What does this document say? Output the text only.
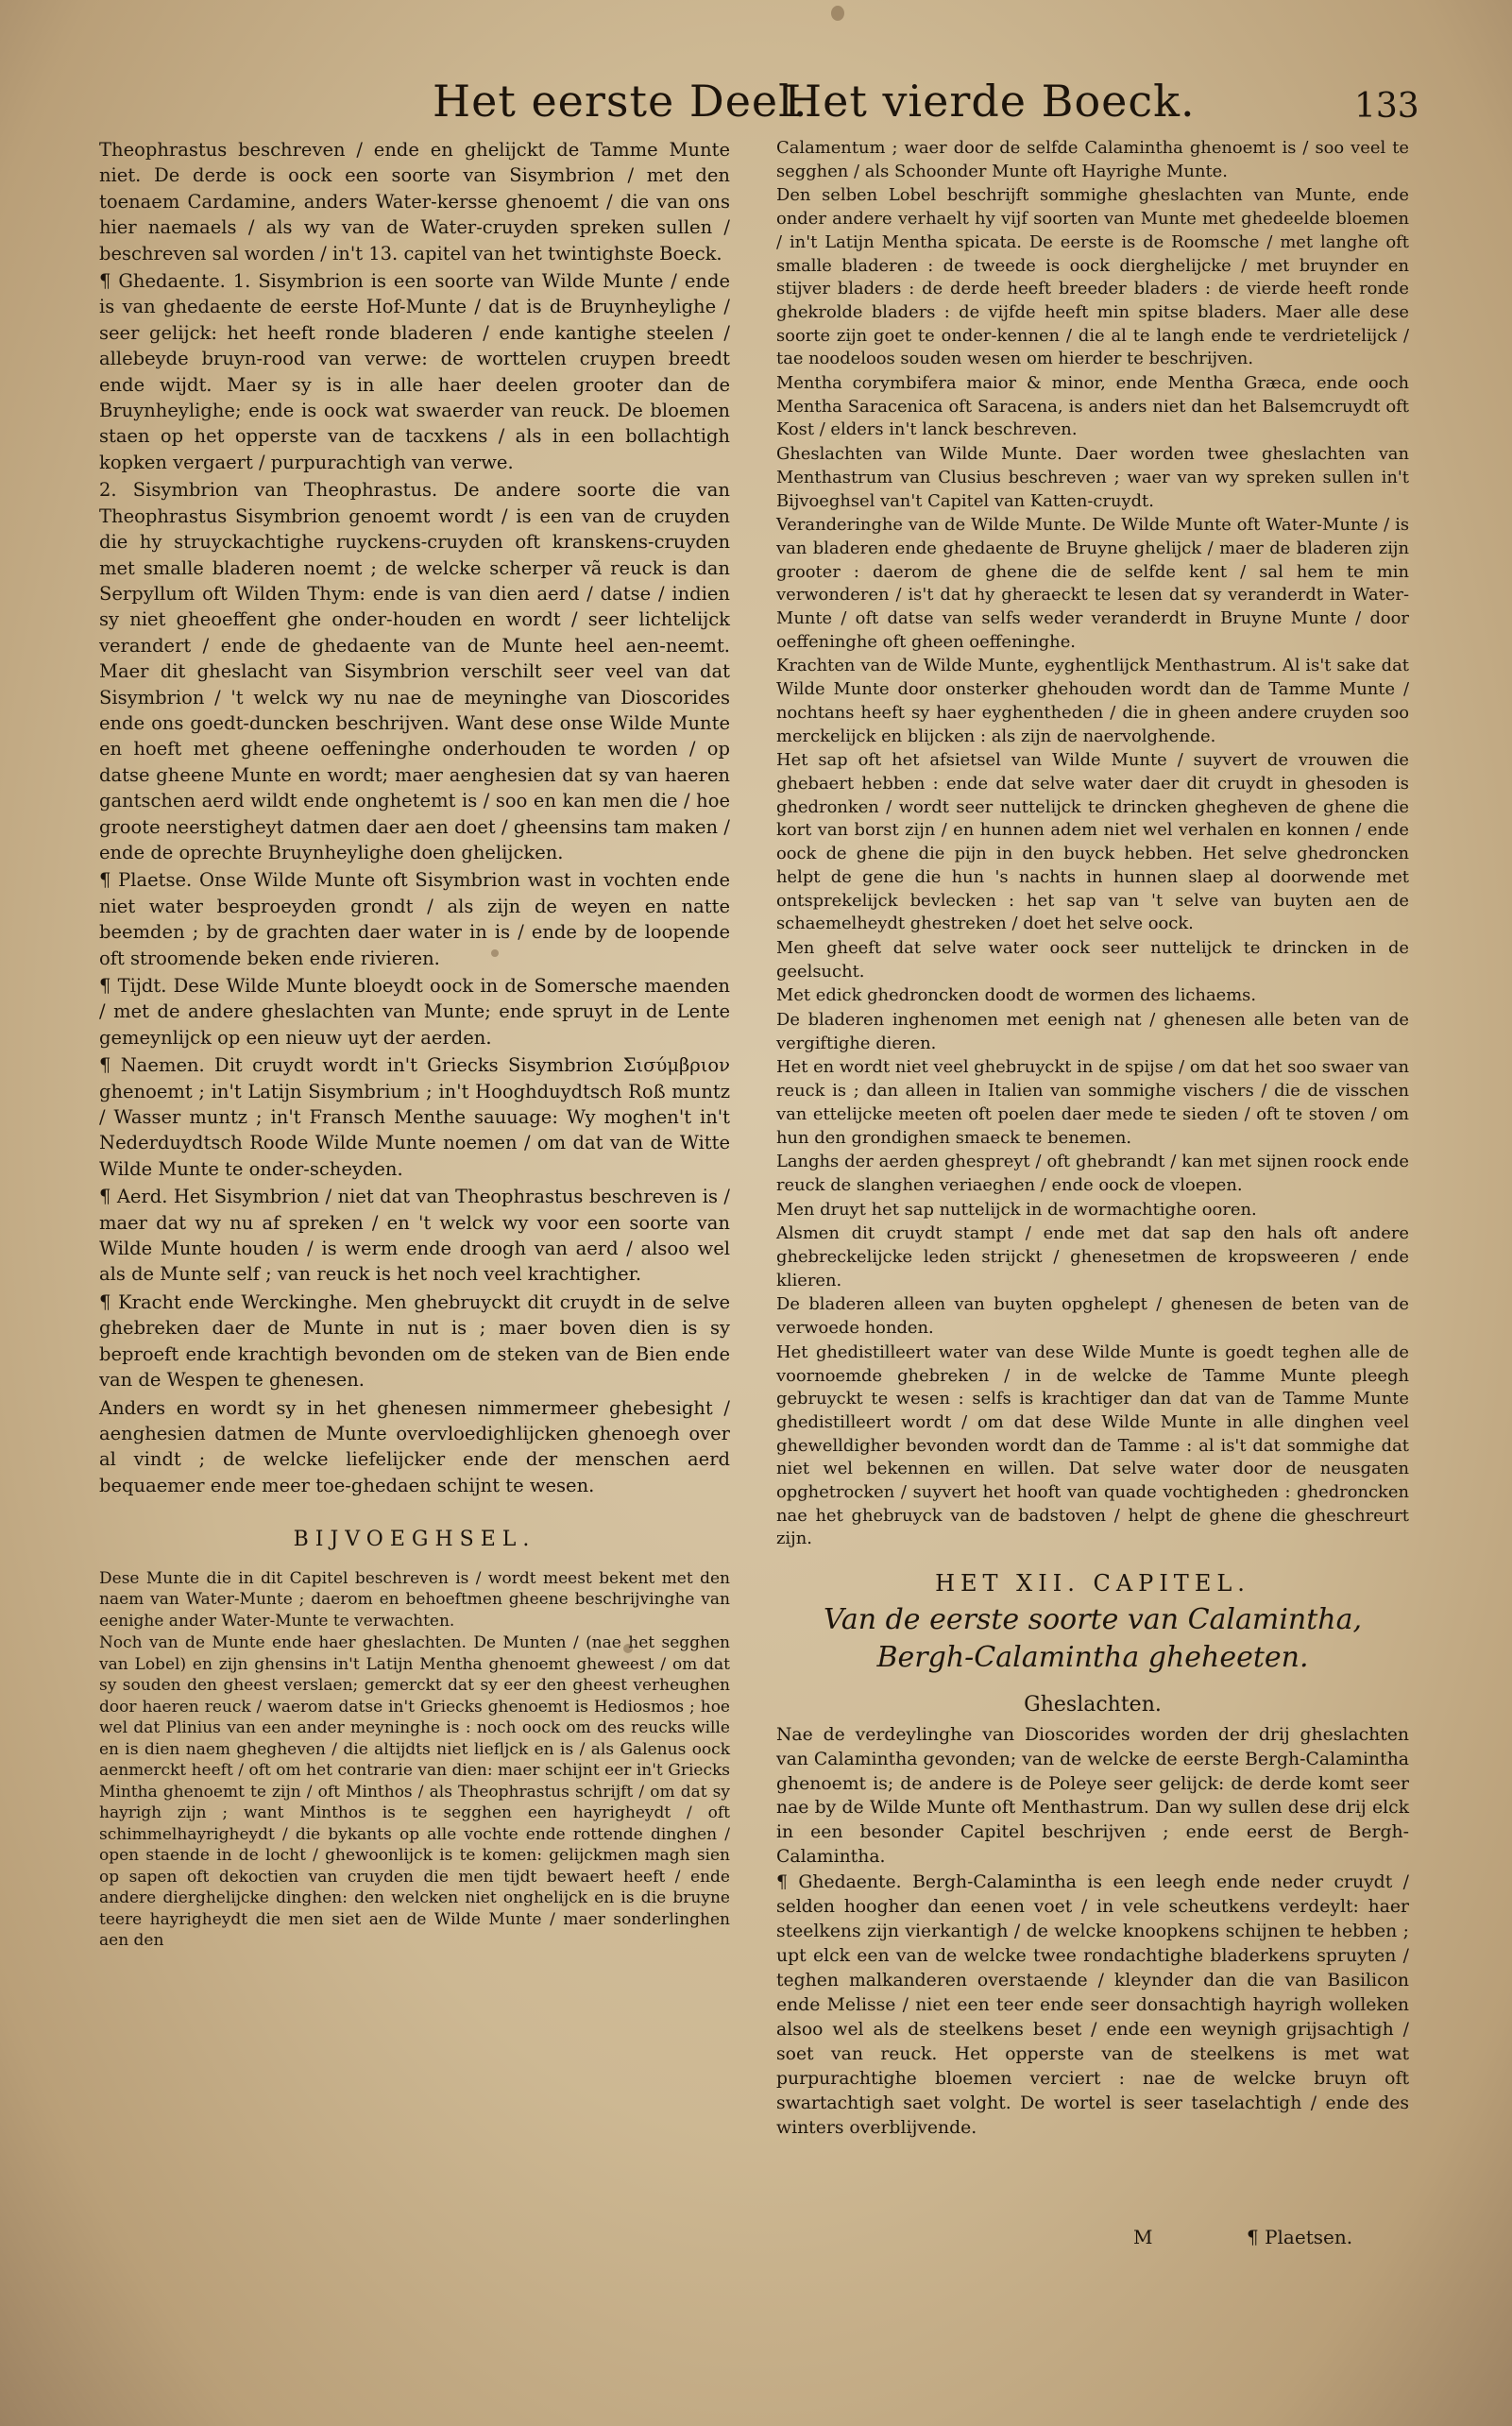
Het eerste Deel.
Het vierde Boeck.	133

Theophrastus beschreven / ende en ghelijckt de Tamme Munte niet. De derde is oock een soorte van Sisymbrion / met den toenaem Cardamine, anders Water-kersse ghenoemt / die van ons hier naemaels / als wy van de Water-cruyden spreken sullen / beschreven sal worden / in't 13. capitel van het twintighste Boeck.

¶ Ghedaente. 1. Sisymbrion is een soorte van Wilde Munte / ende is van ghedaente de eerste Hof-Munte / dat is de Bruynheylighe / seer gelijck: het heeft ronde bladeren / ende kantighe steelen / allebeyde bruyn-rood van verwe: de worttelen cruypen breedt ende wijdt. Maer sy is in alle haer deelen grooter dan de Bruynheylighe; ende is oock wat swaerder van reuck. De bloemen staen op het opperste van de tacxkens / als in een bollachtigh kopken vergaert / purpurachtigh van verwe.

2. Sisymbrion van Theophrastus. De andere soorte die van Theophrastus Sisymbrion genoemt wordt / is een van de cruyden die hy struyckachtighe ruyckens-cruyden oft kranskens-cruyden met smalle bladeren noemt ; de welcke scherper vã reuck is dan Serpyllum oft Wilden Thym: ende is van dien aerd / datse / indien sy niet gheoeffent ghe onder-houden en wordt / seer lichtelijck verandert / ende de ghedaente van de Munte heel aen-neemt. Maer dit gheslacht van Sisymbrion verschilt seer veel van dat Sisymbrion / 't welck wy nu nae de meyninghe van Dioscorides ende ons goedt-duncken beschrijven. Want dese onse Wilde Munte en hoeft met gheene oeffeninghe onderhouden te worden / op datse gheene Munte en wordt; maer aenghesien dat sy van haeren gantschen aerd wildt ende onghetemt is / soo en kan men die / hoe groote neerstigheyt datmen daer aen doet / gheensins tam maken / ende de oprechte Bruynheylighe doen ghelijcken.

¶ Plaetse. Onse Wilde Munte oft Sisymbrion wast in vochten ende niet water besproeyden grondt / als zijn de weyen en natte beemden ; by de grachten daer water in is / ende by de loopende oft stroomende beken ende rivieren.

¶ Tijdt. Dese Wilde Munte bloeydt oock in de Somersche maenden / met de andere gheslachten van Munte; ende spruyt in de Lente gemeynlijck op een nieuw uyt der aerden.

¶ Naemen. Dit cruydt wordt in't Griecks Sisymbrion Σισύμβριον ghenoemt ; in't Latijn Sisymbrium ; in't Hooghduydtsch Roß muntz / Wasser muntz ; in't Fransch Menthe sauuage: Wy moghen't in't Nederduydtsch Roode Wilde Munte noemen / om dat van de Witte Wilde Munte te onder-scheyden.

¶ Aerd. Het Sisymbrion / niet dat van Theophrastus beschreven is / maer dat wy nu af spreken / en 't welck wy voor een soorte van Wilde Munte houden / is werm ende droogh van aerd / alsoo wel als de Munte self ; van reuck is het noch veel krachtigher.

¶ Kracht ende Werckinghe. Men ghebruyckt dit cruydt in de selve ghebreken daer de Munte in nut is ; maer boven dien is sy beproeft ende krachtigh bevonden om de steken van de Bien ende van de Wespen te ghenesen.

Anders en wordt sy in het ghenesen nimmermeer ghebesight / aenghesien datmen de Munte overvloedighlijcken ghenoegh over al vindt ; de welcke liefelijcker ende der menschen aerd bequaemer ende meer toe-ghedaen schijnt te wesen.

BIJVOEGHSEL.

Dese Munte die in dit Capitel beschreven is / wordt meest bekent met den naem van Water-Munte ; daerom en behoeftmen gheene beschrijvinghe van eenighe ander Water-Munte te verwachten.

Noch van de Munte ende haer gheslachten. De Munten / (nae het segghen van Lobel) en zijn ghensins in't Latijn Mentha ghenoemt gheweest / om dat sy souden den gheest verslaen; gemerckt dat sy eer den gheest verheughen door haeren reuck / waerom datse in't Griecks ghenoemt is Hediosmos ; hoe wel dat Plinius van een ander meyninghe is : noch oock om des reucks wille en is dien naem ghegheven / die altijdts niet liefljck en is / als Galenus oock aenmerckt heeft / oft om het contrarie van dien: maer schijnt eer in't Griecks Mintha ghenoemt te zijn / oft Minthos / als Theophrastus schrijft / om dat sy hayrigh zijn ; want Minthos is te segghen een hayrigheydt / oft schimmelhayrigheydt / die bykants op alle vochte ende rottende dinghen / open staende in de locht / ghewoonlijck is te komen: gelijckmen magh sien op sapen oft dekoctien van cruyden die men tijdt bewaert heeft / ende andere dierghelijcke dinghen: den welcken niet onghelijck en is die bruyne teere hayrigheydt die men siet aen de Wilde Munte / maer sonderlinghen aen den

Calamentum ; waer door de selfde Calamintha ghenoemt is / soo veel te segghen / als Schoonder Munte oft Hayrighe Munte.

Den selben Lobel beschrijft sommighe gheslachten van Munte, ende onder andere verhaelt hy vijf soorten van Munte met ghedeelde bloemen / in't Latijn Mentha spicata. De eerste is de Roomsche / met langhe oft smalle bladeren : de tweede is oock dierghelijcke / met bruynder en stijver bladers : de derde heeft breeder bladers : de vierde heeft ronde ghekrolde bladers : de vijfde heeft min spitse bladers. Maer alle dese soorte zijn goet te onder-kennen / die al te langh ende te verdrietelijck / tae noodeloos souden wesen om hierder te beschrijven.

Mentha corymbifera maior & minor, ende Mentha Græca, ende ooch Mentha Saracenica oft Saracena, is anders niet dan het Balsemcruydt oft Kost / elders in't lanck beschreven.

Gheslachten van Wilde Munte. Daer worden twee gheslachten van Menthastrum van Clusius beschreven ; waer van wy spreken sullen in't Bijvoeghsel van't Capitel van Katten-cruydt.

Veranderinghe van de Wilde Munte. De Wilde Munte oft Water-Munte / is van bladeren ende ghedaente de Bruyne ghelijck / maer de bladeren zijn grooter : daerom de ghene die de selfde kent / sal hem te min verwonderen / is't dat hy gheraeckt te lesen dat sy veranderdt in Water-Munte / oft datse van selfs weder veranderdt in Bruyne Munte / door oeffeninghe oft gheen oeffeninghe.

Krachten van de Wilde Munte, eyghentlijck Menthastrum. Al is't sake dat Wilde Munte door onsterker ghehouden wordt dan de Tamme Munte / nochtans heeft sy haer eyghentheden / die in gheen andere cruyden soo merckelijck en blijcken : als zijn de naervolghende.

Het sap oft het afsietsel van Wilde Munte / suyvert de vrouwen die ghebaert hebben : ende dat selve water daer dit cruydt in ghesoden is ghedronken / wordt seer nuttelijck te drincken ghegheven de ghene die kort van borst zijn / en hunnen adem niet wel verhalen en konnen / ende oock de ghene die pijn in den buyck hebben. Het selve ghedroncken helpt de gene die hun 's nachts in hunnen slaep al doorwende met ontsprekelijck bevlecken : het sap van 't selve van buyten aen de schaemelheydt ghestreken / doet het selve oock.

Men gheeft dat selve water oock seer nuttelijck te drincken in de geelsucht.

Met edick ghedroncken doodt de wormen des lichaems.

De bladeren inghenomen met eenigh nat / ghenesen alle beten van de vergiftighe dieren.

Het en wordt niet veel ghebruyckt in de spijse / om dat het soo swaer van reuck is ; dan alleen in Italien van sommighe vischers / die de visschen van ettelijcke meeten oft poelen daer mede te sieden / oft te stoven / om hun den grondighen smaeck te benemen.

Langhs der aerden ghespreyt / oft ghebrandt / kan met sijnen roock ende reuck de slanghen veriaeghen / ende oock de vloepen.

Men druyt het sap nuttelijck in de wormachtighe ooren.

Alsmen dit cruydt stampt / ende met dat sap den hals oft andere ghebreckelijcke leden strijckt / ghenesetmen de kropsweeren / ende klieren.

De bladeren alleen van buyten opghelept / ghenesen de beten van de verwoede honden.

Het ghedistilleert water van dese Wilde Munte is goedt teghen alle de voornoemde ghebreken / in de welcke de Tamme Munte pleegh gebruyckt te wesen : selfs is krachtiger dan dat van de Tamme Munte ghedistilleert wordt / om dat dese Wilde Munte in alle dinghen veel ghewelldigher bevonden wordt dan de Tamme : al is't dat sommighe dat niet wel bekennen en willen. Dat selve water door de neusgaten opghetrocken / suyvert het hooft van quade vochtigheden : ghedroncken nae het ghebruyck van de badstoven / helpt de ghene die gheschreurt zijn.

HET XII. CAPITEL.
Van de eerste soorte van Calamintha, Bergh-Calamintha gheheeten.
Gheslachten.

Nae de verdeylinghe van Dioscorides worden der drij gheslachten van Calamintha gevonden; van de welcke de eerste Bergh-Calamintha ghenoemt is; de andere is de Poleye seer gelijck: de derde komt seer nae by de Wilde Munte oft Menthastrum. Dan wy sullen dese drij elck in een besonder Capitel beschrijven ; ende eerst de Bergh-Calamintha.

¶ Ghedaente. Bergh-Calamintha is een leegh ende neder cruydt / selden hoogher dan eenen voet / in vele scheutkens verdeylt: haer steelkens zijn vierkantigh / de welcke knoopkens schijnen te hebben ; upt elck een van de welcke twee rondachtighe bladerkens spruyten / teghen malkanderen overstaende / kleynder dan die van Basilicon ende Melisse / niet een teer ende seer donsachtigh hayrigh wolleken alsoo wel als de steelkens beset / ende een weynigh grijsachtigh / soet van reuck. Het opperste van de steelkens is met wat purpurachtighe bloemen verciert : nae de welcke bruyn oft swartachtigh saet volght. De wortel is seer taselachtigh / ende des winters overblijvende.

M	¶ Plaetsen.
